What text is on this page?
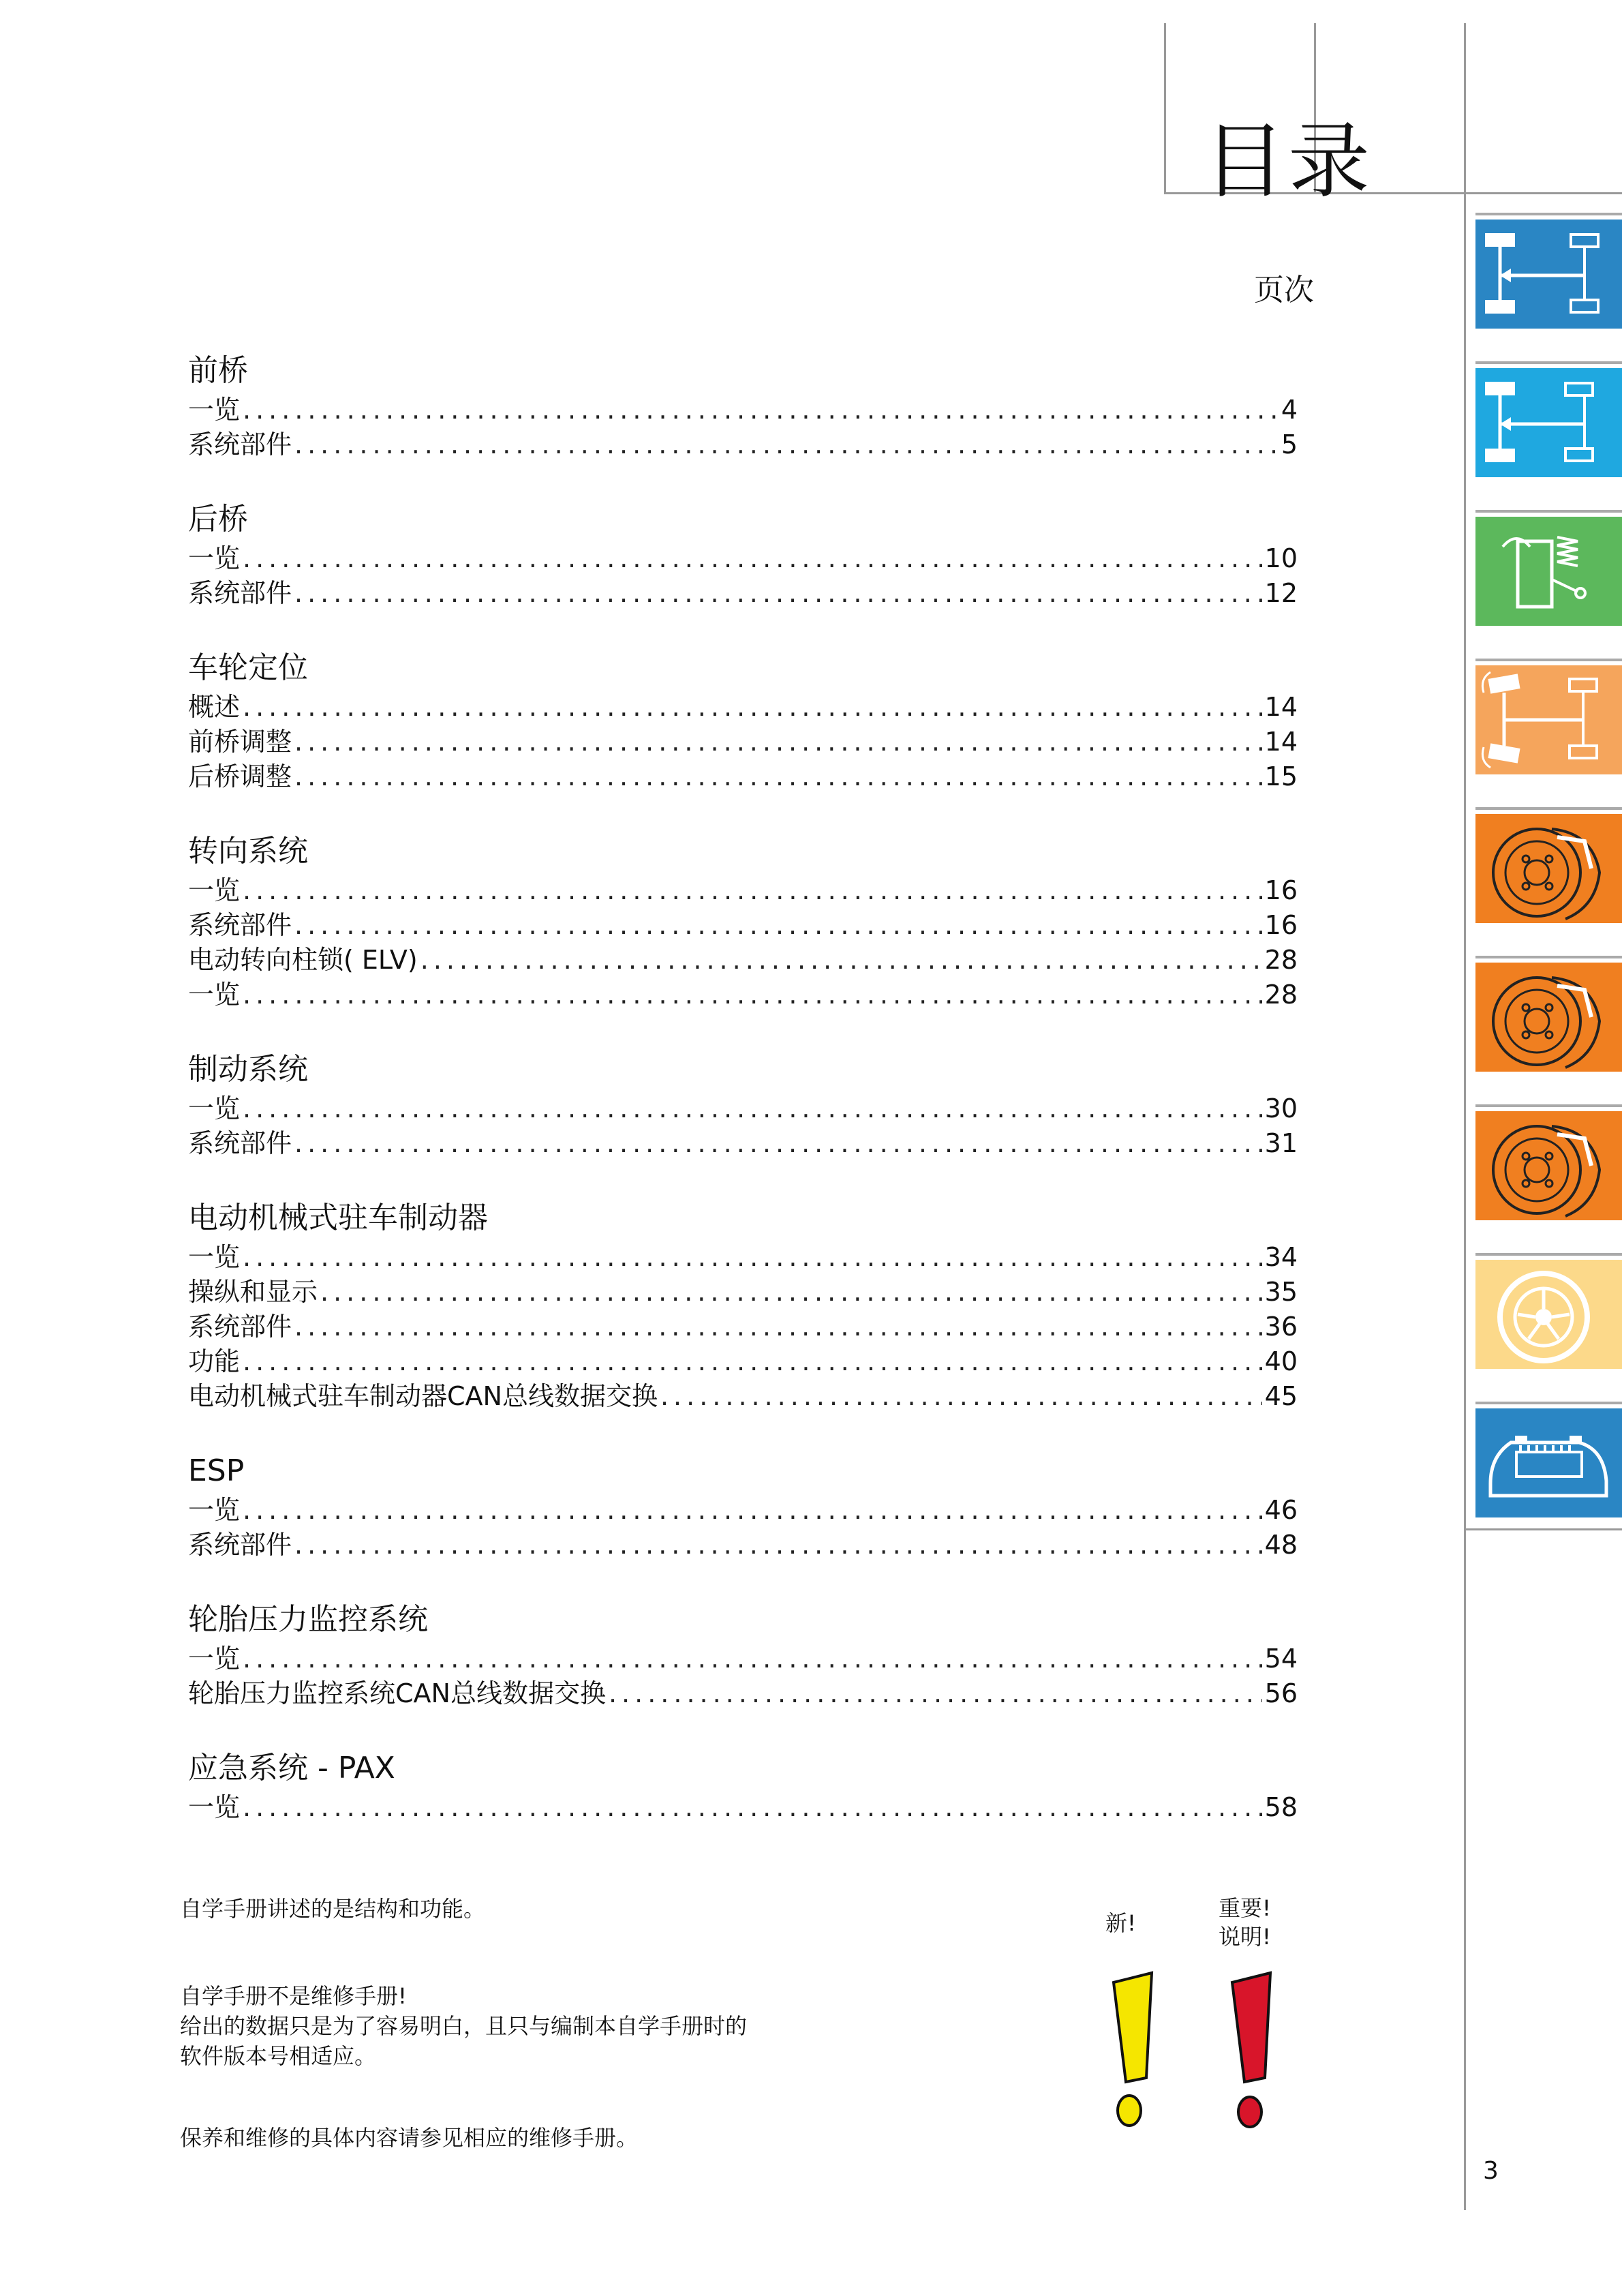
目录
页次
前桥
一览 .....	4
系统部件 .....	5
后桥
一览 .....	10
系统部件 .....	12
车轮定位
概述 .....	14
前桥调整 .....	14
后桥调整 .....	15
转向系统
一览 .....	16
系统部件 .....	16
电动转向柱锁( ELV) .....	28
一览 .....	28
制动系统
一览 .....	30
系统部件 .....	31
电动机械式驻车制动器
一览 .....	34
操纵和显示 .....	35
系统部件 .....	36
功能 .....	40
电动机械式驻车制动器CAN总线数据交换 .....	45
ESP
一览 .....	46
系统部件 .....	48
轮胎压力监控系统
一览 .....	54
轮胎压力监控系统CAN总线数据交换 .....	56
应急系统 - PAX
一览 .....	58
自学手册讲述的是结构和功能。
自学手册不是维修手册!
给出的数据只是为了容易明白，且只与编制本自学手册时的
软件版本号相适应。
保养和维修的具体内容请参见相应的维修手册。
新!
重要!
说明!
3
